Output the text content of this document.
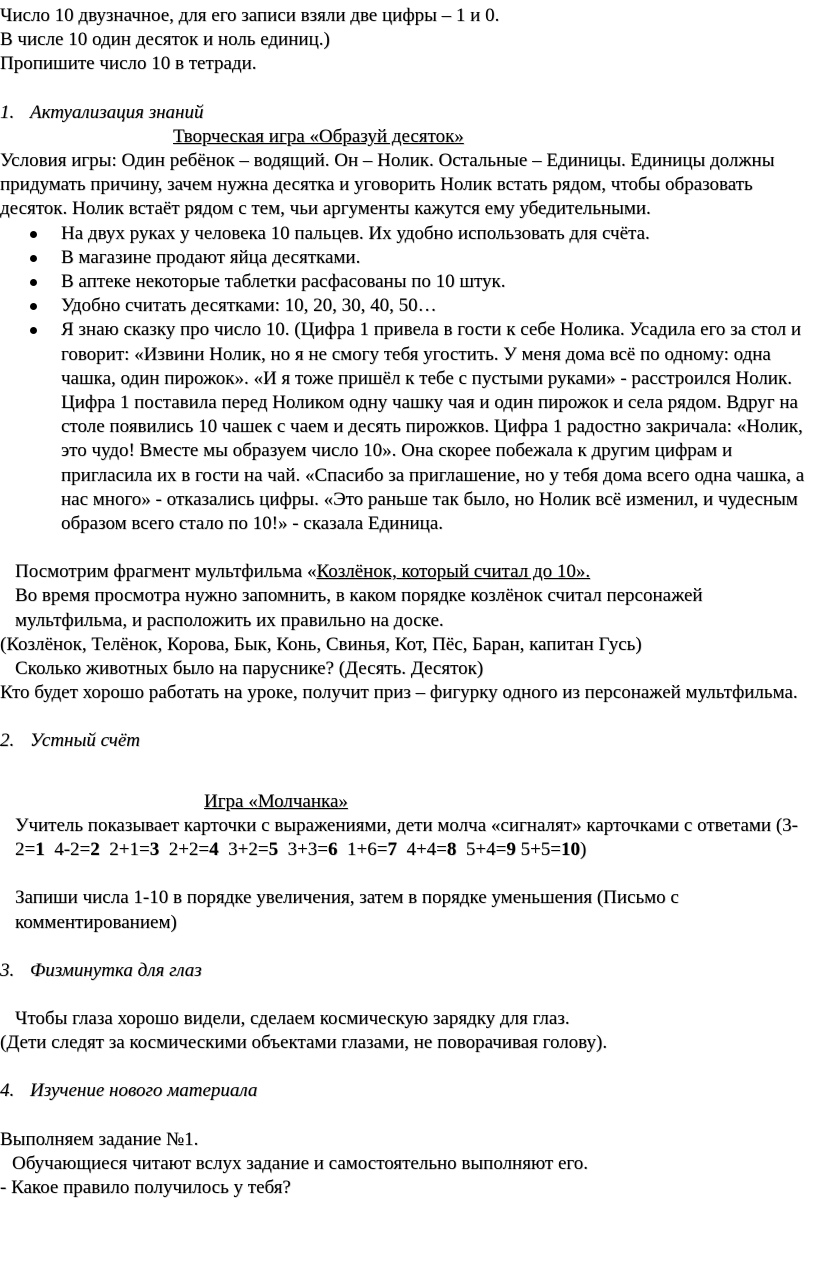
Число 10 двузначное, для его записи взяли две цифры – 1 и 0.

В числе 10 один десяток и ноль единиц.)

Пропишите число 10 в тетради.

1. Актуализация знаний

Творческая игра «Образуй десяток»

Условия игры: Один ребёнок – водящий. Он – Нолик. Остальные – Единицы. Единицы должны придумать причину, зачем нужна десятка и уговорить Нолик встать рядом, чтобы образовать десяток. Нолик встаёт рядом с тем, чьи аргументы кажутся ему убедительными.

На двух руках у человека 10 пальцев. Их удобно использовать для счёта.
В магазине продают яйца десятками.
В аптеке некоторые таблетки расфасованы по 10 штук.
Удобно считать десятками: 10, 20, 30, 40, 50…
Я знаю сказку про число 10. (Цифра 1 привела в гости к себе Нолика. Усадила его за стол и говорит: «Извини Нолик, но я не смогу тебя угостить. У меня дома всё по одному: одна чашка, один пирожок». «И я тоже пришёл к тебе с пустыми руками» - расстроился Нолик. Цифра 1 поставила перед Ноликом одну чашку чая и один пирожок и села рядом. Вдруг на столе появились 10 чашек с чаем и десять пирожков. Цифра 1 радостно закричала: «Нолик, это чудо! Вместе мы образуем число 10». Она скорее побежала к другим цифрам и пригласила их в гости на чай. «Спасибо за приглашение, но у тебя дома всего одна чашка, а нас много» - отказались цифры. «Это раньше так было, но Нолик всё изменил, и чудесным образом всего стало по 10!» - сказала Единица.

Посмотрим фрагмент мультфильма «Козлёнок, который считал до 10».

Во время просмотра нужно запомнить, в каком порядке козлёнок считал персонажей мультфильма, и расположить их правильно на доске.

(Козлёнок, Телёнок, Корова, Бык, Конь, Свинья, Кот, Пёс, Баран, капитан Гусь)

Сколько животных было на паруснике? (Десять. Десяток)

Кто будет хорошо работать на уроке, получит приз – фигурку одного из персонажей мультфильма.

2. Устный счёт

Игра «Молчанка»

Учитель показывает карточки с выражениями, дети молча «сигналят» карточками с ответами (3-2=1 4-2=2 2+1=3 2+2=4 3+2=5 3+3=6 1+6=7 4+4=8 5+4=9 5+5=10)

Запиши числа 1-10 в порядке увеличения, затем в порядке уменьшения (Письмо с комментированием)

3. Физминутка для глаз

Чтобы глаза хорошо видели, сделаем космическую зарядку для глаз.

(Дети следят за космическими объектами глазами, не поворачивая голову).

4. Изучение нового материала

Выполняем задание №1.

Обучающиеся читают вслух задание и самостоятельно выполняют его.

- Какое правило получилось у тебя?
